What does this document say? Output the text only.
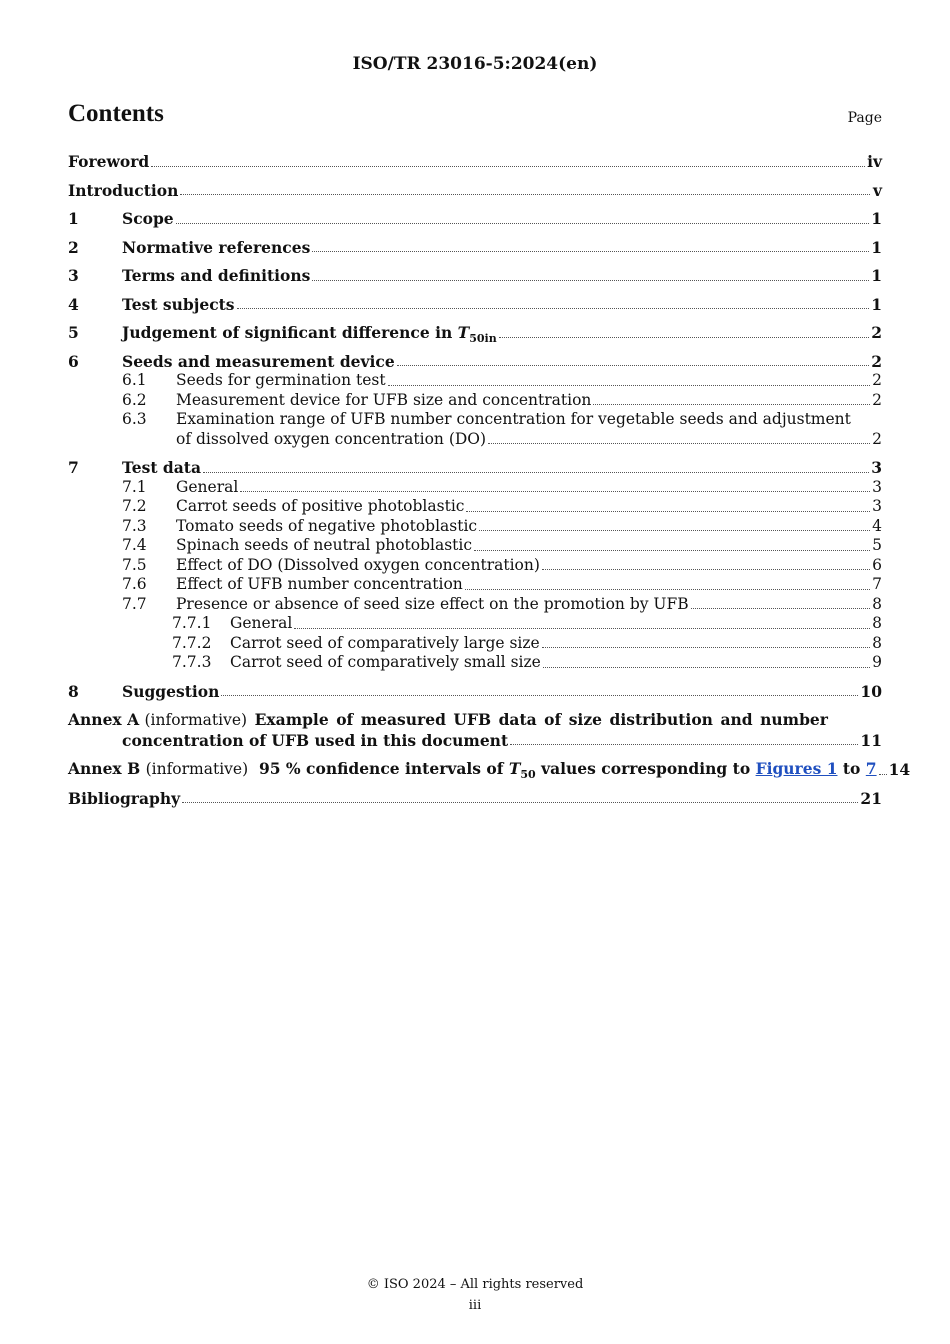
ISO/TR 23016-5:2024(en)
Contents	Page
Foreword	iv
Introduction	v
1	Scope	1
2	Normative references	1
3	Terms and definitions	1
4	Test subjects	1
5	Judgement of significant difference in $T_{50in}$	2
6	Seeds and measurement device	2
6.1	Seeds for germination test	2
6.2	Measurement device for UFB size and concentration	2
6.3	Examination range of UFB number concentration for vegetable seeds and adjustment
of dissolved oxygen concentration (DO)	2
7	Test data	3
7.1	General	3
7.2	Carrot seeds of positive photoblastic	3
7.3	Tomato seeds of negative photoblastic	4
7.4	Spinach seeds of neutral photoblastic	5
7.5	Effect of DO (Dissolved oxygen concentration)	6
7.6	Effect of UFB number concentration	7
7.7	Presence or absence of seed size effect on the promotion by UFB	8
7.7.1	General	8
7.7.2	Carrot seed of comparatively large size	8
7.7.3	Carrot seed of comparatively small size	9
8	Suggestion	10
Annex A (informative) Example of measured UFB data of size distribution and number
concentration of UFB used in this document	11
Annex B (informative) 95 % confidence intervals of $T_{50}$ values corresponding to Figures 1 to 7 14
Bibliography	21
© ISO 2024 – All rights reserved
iii
